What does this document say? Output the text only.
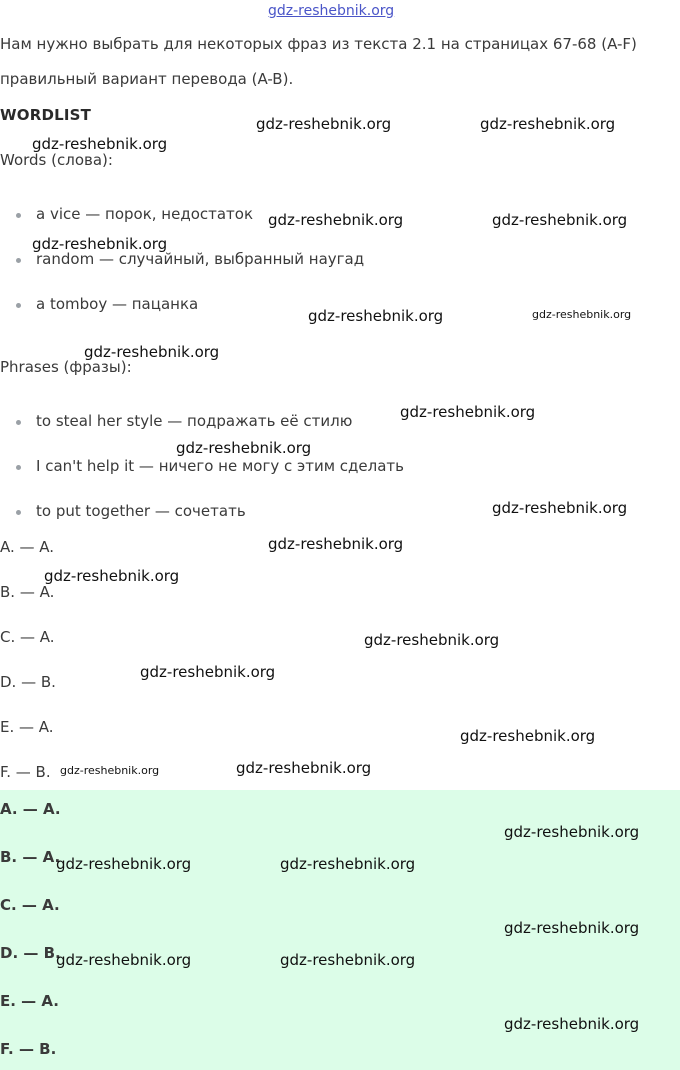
gdz-reshebnik.org
Нам нужно выбрать для некоторых фраз из текста 2.1 на страницах 67-68 (A-F)
правильный вариант перевода (A-B).
WORDLIST
Words (слова):
a vice — порок, недостаток
random — случайный, выбранный наугад
a tomboy — пацанка
Phrases (фразы):
to steal her style — подражать её стилю
I can't help it — ничего не могу с этим сделать
to put together — сочетать
A. — A.
B. — A.
C. — A.
D. — B.
E. — A.
F. — B.
A. — A.
B. — A.
C. — A.
D. — B.
E. — A.
F. — B.
gdz-reshebnik.org	gdz-reshebnik.org
gdz-reshebnik.org
gdz-reshebnik.org	gdz-reshebnik.org
gdz-reshebnik.org
gdz-reshebnik.org	gdz-reshebnik.org
gdz-reshebnik.org
gdz-reshebnik.org
gdz-reshebnik.org
gdz-reshebnik.org
gdz-reshebnik.org
gdz-reshebnik.org
gdz-reshebnik.org
gdz-reshebnik.org
gdz-reshebnik.org
gdz-reshebnik.org	gdz-reshebnik.org
gdz-reshebnik.org
gdz-reshebnik.org	gdz-reshebnik.org
gdz-reshebnik.org
gdz-reshebnik.org	gdz-reshebnik.org
gdz-reshebnik.org
